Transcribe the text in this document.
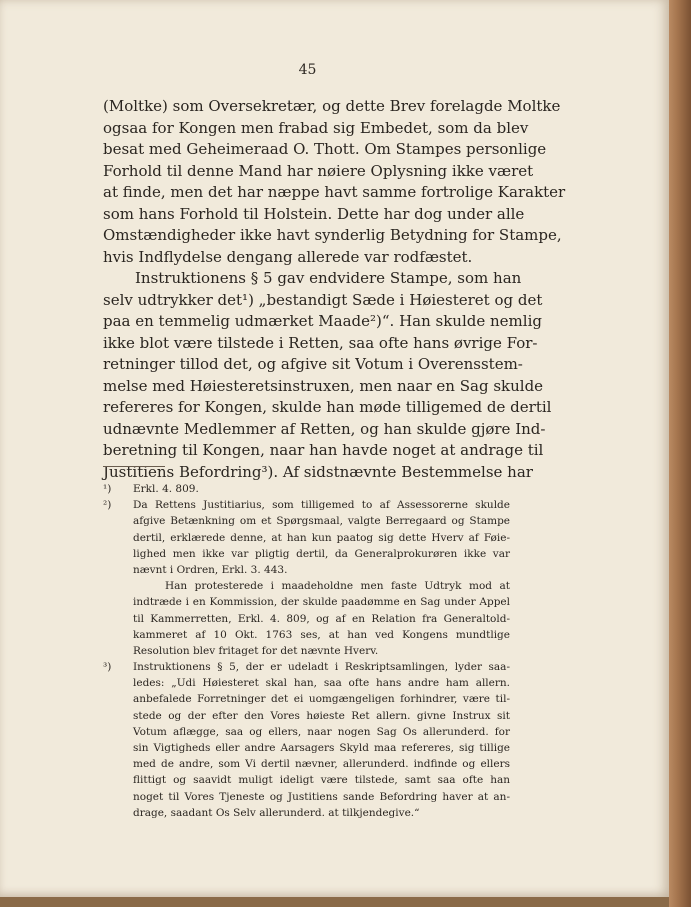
45
(Moltke) som Oversekretær, og dette Brev forelagde Moltke
ogsaa for Kongen men frabad sig Embedet, som da blev
besat med Geheimeraad O. Thott. Om Stampes personlige
Forhold til denne Mand har nøiere Oplysning ikke været
at finde, men det har næppe havt samme fortrolige Karakter
som hans Forhold til Holstein. Dette har dog under alle
Omstændigheder ikke havt synderlig Betydning for Stampe,
hvis Indflydelse dengang allerede var rodfæstet.
Instruktionens § 5 gav endvidere Stampe, som han
selv udtrykker det¹) „bestandigt Sæde i Høiesteret og det
paa en temmelig udmærket Maade²)“. Han skulde nemlig
ikke blot være tilstede i Retten, saa ofte hans øvrige For-
retninger tillod det, og afgive sit Votum i Overensstem-
melse med Høiesteretsinstruxen, men naar en Sag skulde
refereres for Kongen, skulde han møde tilligemed de dertil
udnævnte Medlemmer af Retten, og han skulde gjøre Ind-
beretning til Kongen, naar han havde noget at andrage til
Justitiens Befordring³). Af sidstnævnte Bestemmelse har
¹) Erkl. 4. 809.
²) Da Rettens Justitiarius, som tilligemed to af Assessorerne skulde
afgive Betænkning om et Spørgsmaal, valgte Berregaard og Stampe
dertil, erklærede denne, at han kun paatog sig dette Hverv af Føie-
lighed men ikke var pligtig dertil, da Generalprokurøren ikke var
nævnt i Ordren, Erkl. 3. 443.
Han protesterede i maadeholdne men faste Udtryk mod at
indtræde i en Kommission, der skulde paadømme en Sag under Appel
til Kammerretten, Erkl. 4. 809, og af en Relation fra Generaltold-
kammeret af 10 Okt. 1763 ses, at han ved Kongens mundtlige
Resolution blev fritaget for det nævnte Hverv.
³) Instruktionens § 5, der er udeladt i Reskriptsamlingen, lyder saa-
ledes: „Udi Høiesteret skal han, saa ofte hans andre ham allern.
anbefalede Forretninger det ei uomgængeligen forhindrer, være til-
stede og der efter den Vores høieste Ret allern. givne Instrux sit
Votum aflægge, saa og ellers, naar nogen Sag Os allerunderd. for
sin Vigtigheds eller andre Aarsagers Skyld maa refereres, sig tillige
med de andre, som Vi dertil nævner, allerunderd. indfinde og ellers
flittigt og saavidt muligt ideligt være tilstede, samt saa ofte han
noget til Vores Tjeneste og Justitiens sande Befordring haver at an-
drage, saadant Os Selv allerunderd. at tilkjendegive.“
